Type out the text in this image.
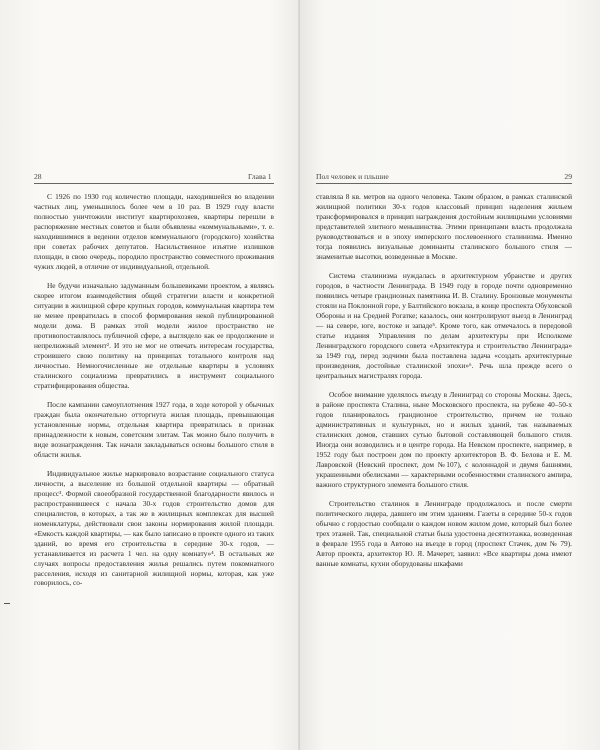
28	Глава 1

С 1926 по 1930 год количество площади, находившейся во владении частных лиц, уменьшилось более чем в 10 раз. В 1929 году власти полностью уничтожили институт квартирохозяев, квартиры перешли в распоряжение местных советов и были объявлены «коммунальными», т. е. находившимися в ведении отделов коммунального (городского) хозяйства при советах рабочих депутатов. Насильственное изъятие излишков площади, в свою очередь, породило пространство совместного проживания чужих людей, в отличие от индивидуальной, отдельной.

Не будучи изначально задуманным большевиками проектом, а являясь скорее итогом взаимодействия общей стратегии власти и конкретной ситуации в жилищной сфере крупных городов, коммунальная квартира тем не менее превратилась в способ формирования некой публицированной модели дома. В рамках этой модели жилое пространство не противопоставлялось публичной сфере, а выглядело как ее продолжение и непрелюжный элемент². И это не мог не отвечать интересам государства, строившего свою политику на принципах тотального контроля над личностью. Немногочисленные же отдельные квартиры в условиях сталинского социализма превратились в инструмент социального стратифицирования общества.

После кампании самоуплотнения 1927 года, в ходе которой у обычных граждан была окончательно отторгнута жилая площадь, превышающая установленные нормы, отдельная квартира превратилась в признак принадлежности к новым, советским элитам. Так можно было получить в виде вознаграждения. Так начали закладываться основы большого стиля в области жилья.

Индивидуальное жилье маркировало возрастание социального статуса личности, а выселение из большой отдельной квартиры — обратный процесс³. Формой своеобразной государственной благодарности явилось и распространившееся с начала 30-х годов строительство домов для специалистов, в которых, а так же в жилищных комплексах для высшей номенклатуры, действовали свои законы нормирования жилой площади. «Емкость каждой квартиры, — как было записано в проекте одного из таких зданий, во время его строительства в середине 30-х годов, — устанавливается из расчета 1 чел. на одну комнату»⁴. В остальных же случаях вопросы предоставления жилья решались путем покомнатного расселения, исходя из санитарной жилищной нормы, которая, как уже говорилось, со-

Пол человек и пльшие	29

ставляла 8 кв. метров на одного человека. Таким образом, в рамках сталинской жилищной политики 30-х годов классовый принцип наделения жильем трансформировался в принцип награждения достойным жилищными условиями представителей элитного меньшинства. Этими принципами власть продолжала руководствоваться и в эпоху имперского послевоенного сталинизма. Именно тогда появились визуальные доминанты сталинского большого стиля — знаменитые высотки, возведенные в Москве.

Система сталинизма нуждалась в архитектурном убранстве и других городов, в частности Ленинграда. В 1949 году в городе почти одновременно появились четыре грандиозных памятника И. В. Сталину. Бронзовые монументы стояли на Поклонной горе, у Балтийского вокзала, в конце проспекта Обуховской Обороны и на Средней Рогатке; казалось, они контролируют выезд в Ленинград — на севере, юге, востоке и западе⁵. Кроме того, как отмечалось в передовой статье издания Управления по делам архитектуры при Исполкоме Ленинградского городского совета «Архитектура и строительство Ленинграда» за 1949 год, перед зодчими была поставлена задача «создать архитектурные произведения, достойные сталинской эпохи»⁶. Речь шла прежде всего о центральных магистралях города.

Особое внимание уделялось въезду в Ленинград со стороны Москвы. Здесь, в районе проспекта Сталина, ныне Московского проспекта, на рубеже 40–50-х годов планировалось грандиозное строительство, причем не только административных и культурных, но и жилых зданий, так называемых сталинских домов, ставших сутью бытовой составляющей большого стиля. Иногда они возводились и в центре города. На Невском проспекте, например, в 1952 году был построен дом по проекту архитекторов В. Ф. Белова и Е. М. Лавровской (Невский проспект, дом №107), с колоннадой и двумя башнями, украшенными обелисками — характерными особенностями сталинского ампира, важного структурного элемента большого стиля.

Строительство сталинок в Ленинграде продолжалось и после смерти политического лидера, давшего им этим зданиям. Газеты в середине 50-х годов обычно с гордостью сообщали о каждом новом жилом доме, который был более трех этажей. Так, специальной статьи была удостоена десятиэтажка, возведенная в феврале 1955 года в Автово на въезде в город (проспект Стачек, дом № 79). Автор проекта, архитектор Ю. Я. Мачерет, заявил: «Все квартиры дома имеют ванные комнаты, кухни оборудованы шкафами
